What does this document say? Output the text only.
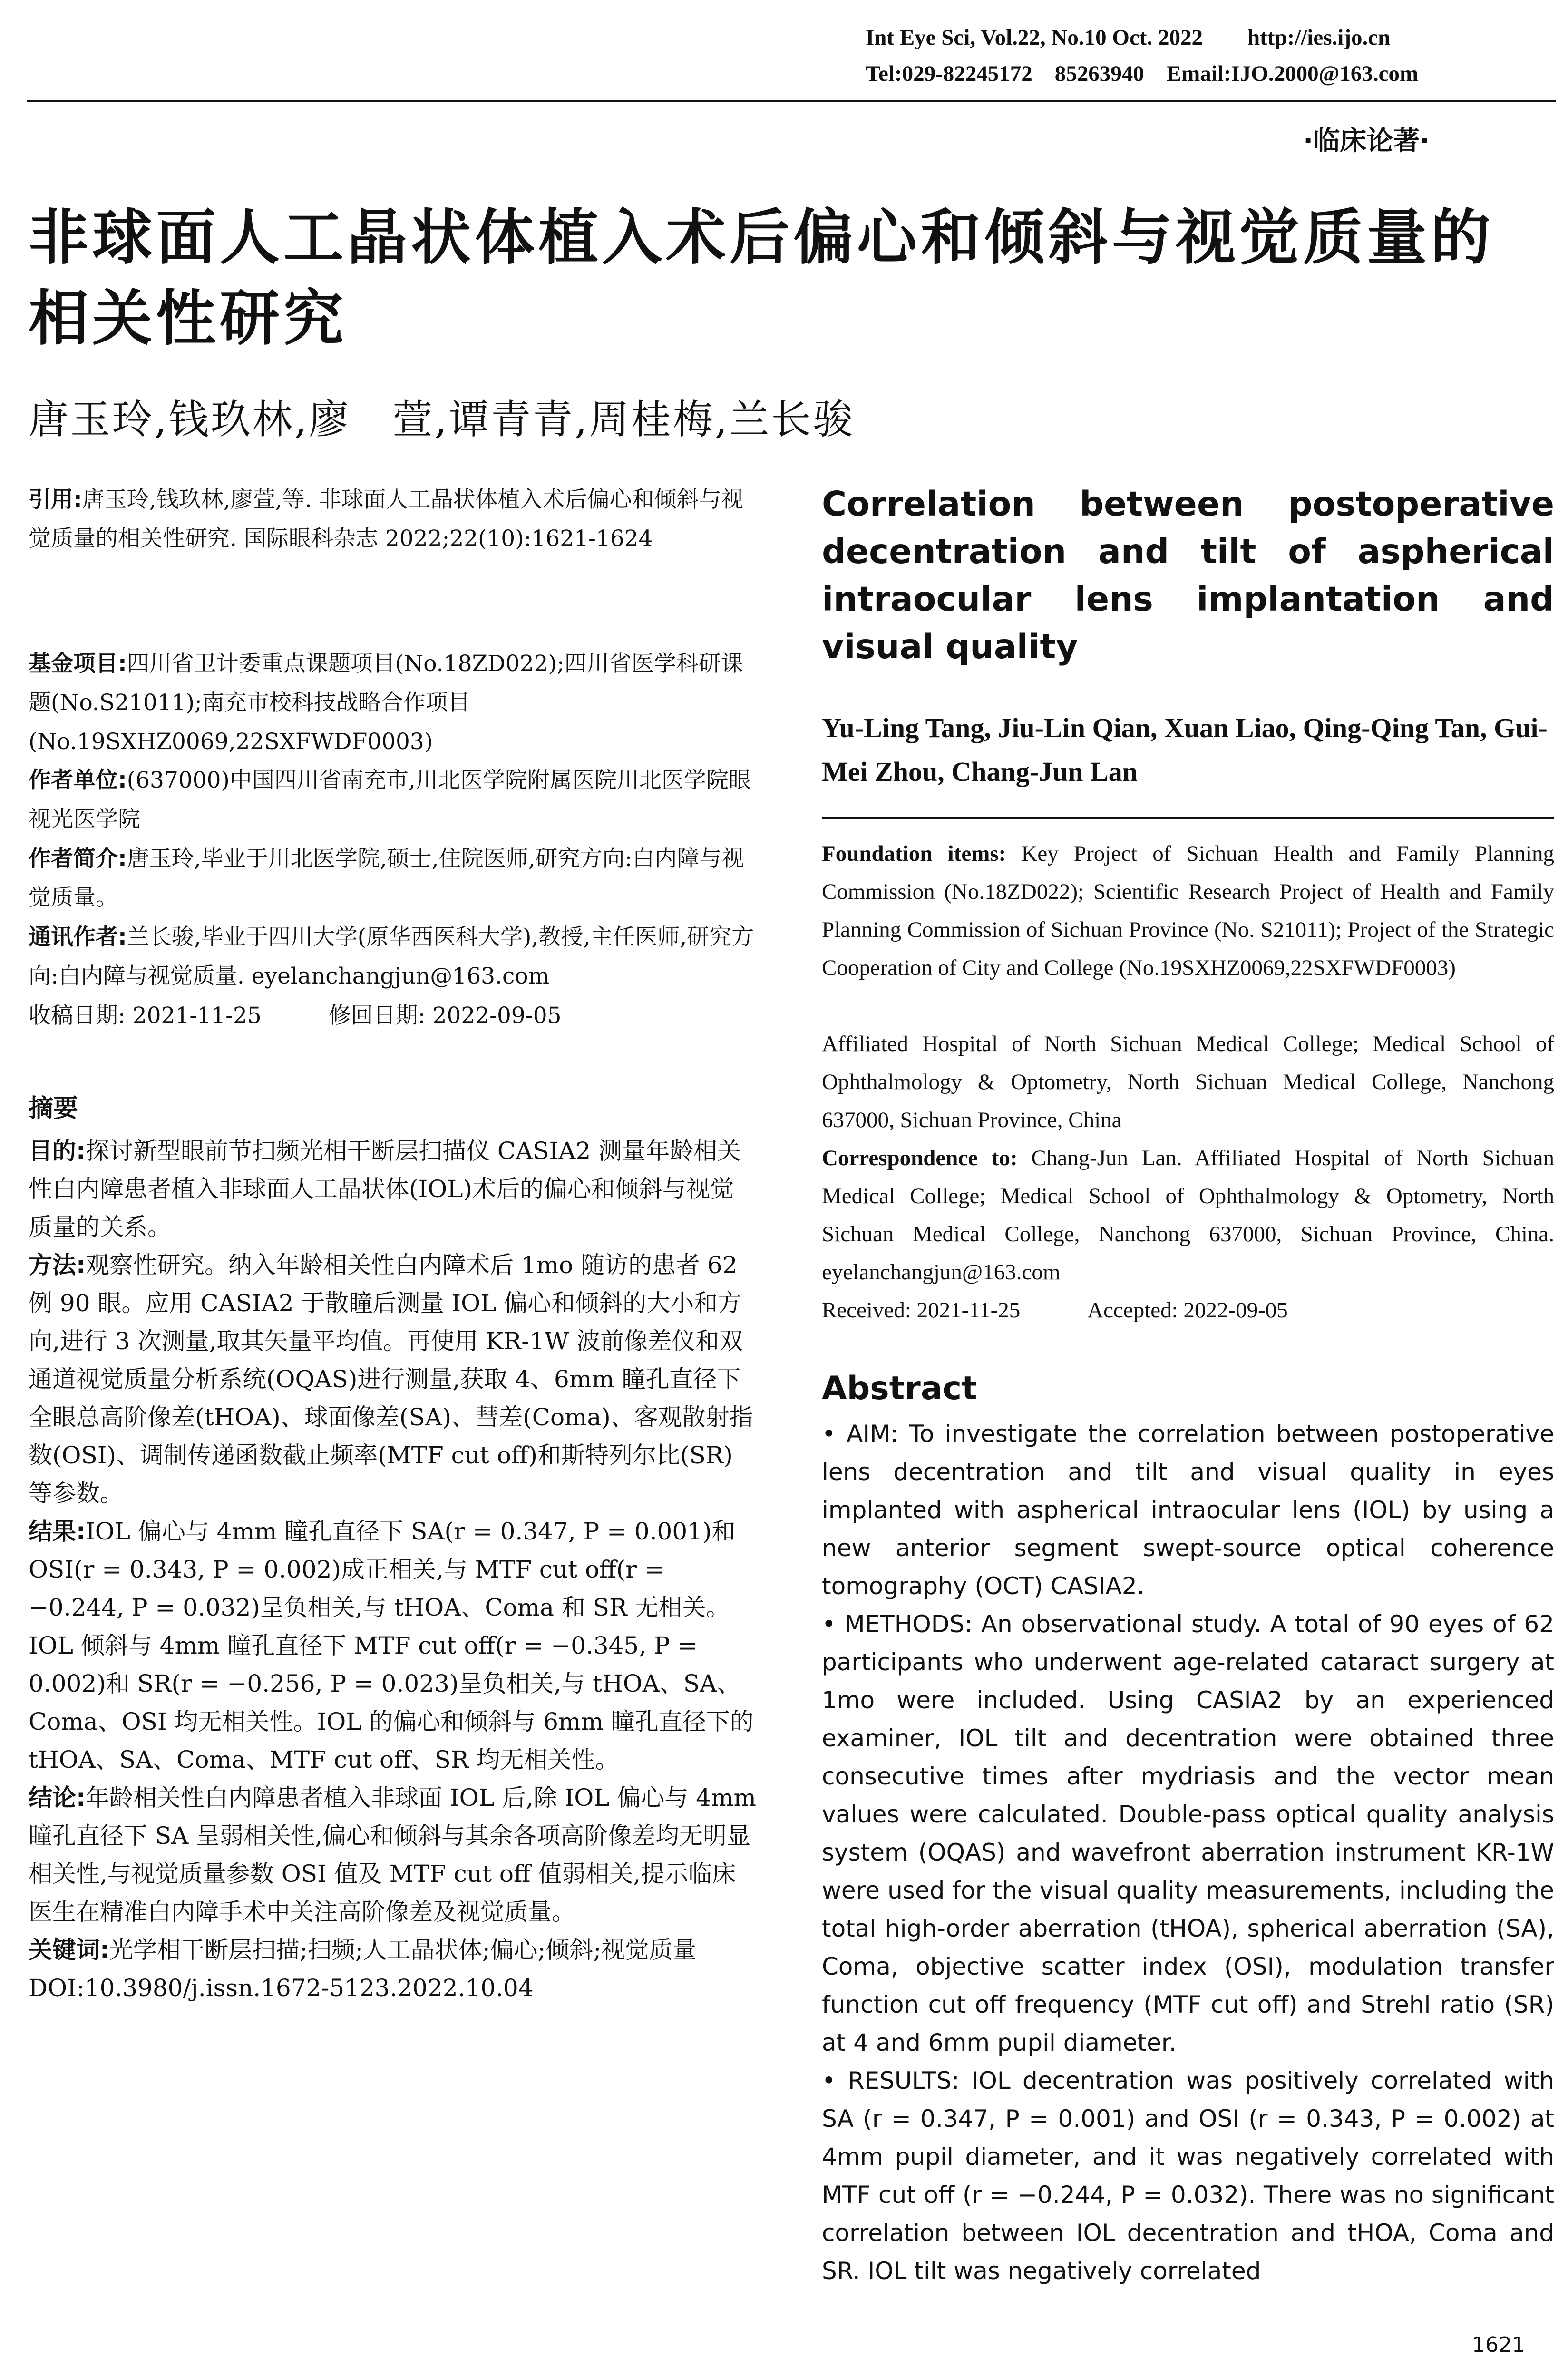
Int Eye Sci, Vol.22, No.10 Oct. 2022        http://ies.ijo.cn
Tel:029-82245172    85263940    Email:IJO.2000@163.com
·临床论著·
非球面人工晶状体植入术后偏心和倾斜与视觉质量的相关性研究
唐玉玲,钱玖林,廖　萱,谭青青,周桂梅,兰长骏
引用:唐玉玲,钱玖林,廖萱,等. 非球面人工晶状体植入术后偏心和倾斜与视觉质量的相关性研究. 国际眼科杂志 2022;22(10):1621-1624
基金项目:四川省卫计委重点课题项目(No.18ZD022);四川省医学科研课题(No.S21011);南充市校科技战略合作项目(No.19SXHZ0069,22SXFWDF0003)
作者单位:(637000)中国四川省南充市,川北医学院附属医院川北医学院眼视光医学院
作者简介:唐玉玲,毕业于川北医学院,硕士,住院医师,研究方向:白内障与视觉质量。
通讯作者:兰长骏,毕业于四川大学(原华西医科大学),教授,主任医师,研究方向:白内障与视觉质量. eyelanchangjun@163.com
收稿日期: 2021-11-25　　　修回日期: 2022-09-05
摘要
目的:探讨新型眼前节扫频光相干断层扫描仪 CASIA2 测量年龄相关性白内障患者植入非球面人工晶状体(IOL)术后的偏心和倾斜与视觉质量的关系。
方法:观察性研究。纳入年龄相关性白内障术后 1mo 随访的患者 62 例 90 眼。应用 CASIA2 于散瞳后测量 IOL 偏心和倾斜的大小和方向,进行 3 次测量,取其矢量平均值。再使用 KR-1W 波前像差仪和双通道视觉质量分析系统(OQAS)进行测量,获取 4、6mm 瞳孔直径下全眼总高阶像差(tHOA)、球面像差(SA)、彗差(Coma)、客观散射指数(OSI)、调制传递函数截止频率(MTF cut off)和斯特列尔比(SR)等参数。
结果:IOL 偏心与 4mm 瞳孔直径下 SA(r = 0.347, P = 0.001)和 OSI(r = 0.343, P = 0.002)成正相关,与 MTF cut off(r = −0.244, P = 0.032)呈负相关,与 tHOA、Coma 和 SR 无相关。IOL 倾斜与 4mm 瞳孔直径下 MTF cut off(r = −0.345, P = 0.002)和 SR(r = −0.256, P = 0.023)呈负相关,与 tHOA、SA、Coma、OSI 均无相关性。IOL 的偏心和倾斜与 6mm 瞳孔直径下的 tHOA、SA、Coma、MTF cut off、SR 均无相关性。
结论:年龄相关性白内障患者植入非球面 IOL 后,除 IOL 偏心与 4mm 瞳孔直径下 SA 呈弱相关性,偏心和倾斜与其余各项高阶像差均无明显相关性,与视觉质量参数 OSI 值及 MTF cut off 值弱相关,提示临床医生在精准白内障手术中关注高阶像差及视觉质量。
关键词:光学相干断层扫描;扫频;人工晶状体;偏心;倾斜;视觉质量
DOI:10.3980/j.issn.1672-5123.2022.10.04
Correlation between postoperative decentration and tilt of aspherical intraocular lens implantation and visual quality
Yu-Ling Tang, Jiu-Lin Qian, Xuan Liao, Qing-Qing Tan, Gui-Mei Zhou, Chang-Jun Lan
Foundation items: Key Project of Sichuan Health and Family Planning Commission (No.18ZD022); Scientific Research Project of Health and Family Planning Commission of Sichuan Province (No. S21011); Project of the Strategic Cooperation of City and College (No.19SXHZ0069,22SXFWDF0003)
Affiliated Hospital of North Sichuan Medical College; Medical School of Ophthalmology & Optometry, North Sichuan Medical College, Nanchong 637000, Sichuan Province, China
Correspondence to: Chang-Jun Lan. Affiliated Hospital of North Sichuan Medical College; Medical School of Ophthalmology & Optometry, North Sichuan Medical College, Nanchong 637000, Sichuan Province, China. eyelanchangjun@163.com
Received: 2021-11-25　　　Accepted: 2022-09-05
Abstract
• AIM: To investigate the correlation between postoperative lens decentration and tilt and visual quality in eyes implanted with aspherical intraocular lens (IOL) by using a new anterior segment swept-source optical coherence tomography (OCT) CASIA2.
• METHODS: An observational study. A total of 90 eyes of 62 participants who underwent age-related cataract surgery at 1mo were included. Using CASIA2 by an experienced examiner, IOL tilt and decentration were obtained three consecutive times after mydriasis and the vector mean values were calculated. Double-pass optical quality analysis system (OQAS) and wavefront aberration instrument KR-1W were used for the visual quality measurements, including the total high-order aberration (tHOA), spherical aberration (SA), Coma, objective scatter index (OSI), modulation transfer function cut off frequency (MTF cut off) and Strehl ratio (SR) at 4 and 6mm pupil diameter.
• RESULTS: IOL decentration was positively correlated with SA (r = 0.347, P = 0.001) and OSI (r = 0.343, P = 0.002) at 4mm pupil diameter, and it was negatively correlated with MTF cut off (r = −0.244, P = 0.032). There was no significant correlation between IOL decentration and tHOA, Coma and SR. IOL tilt was negatively correlated
1621
